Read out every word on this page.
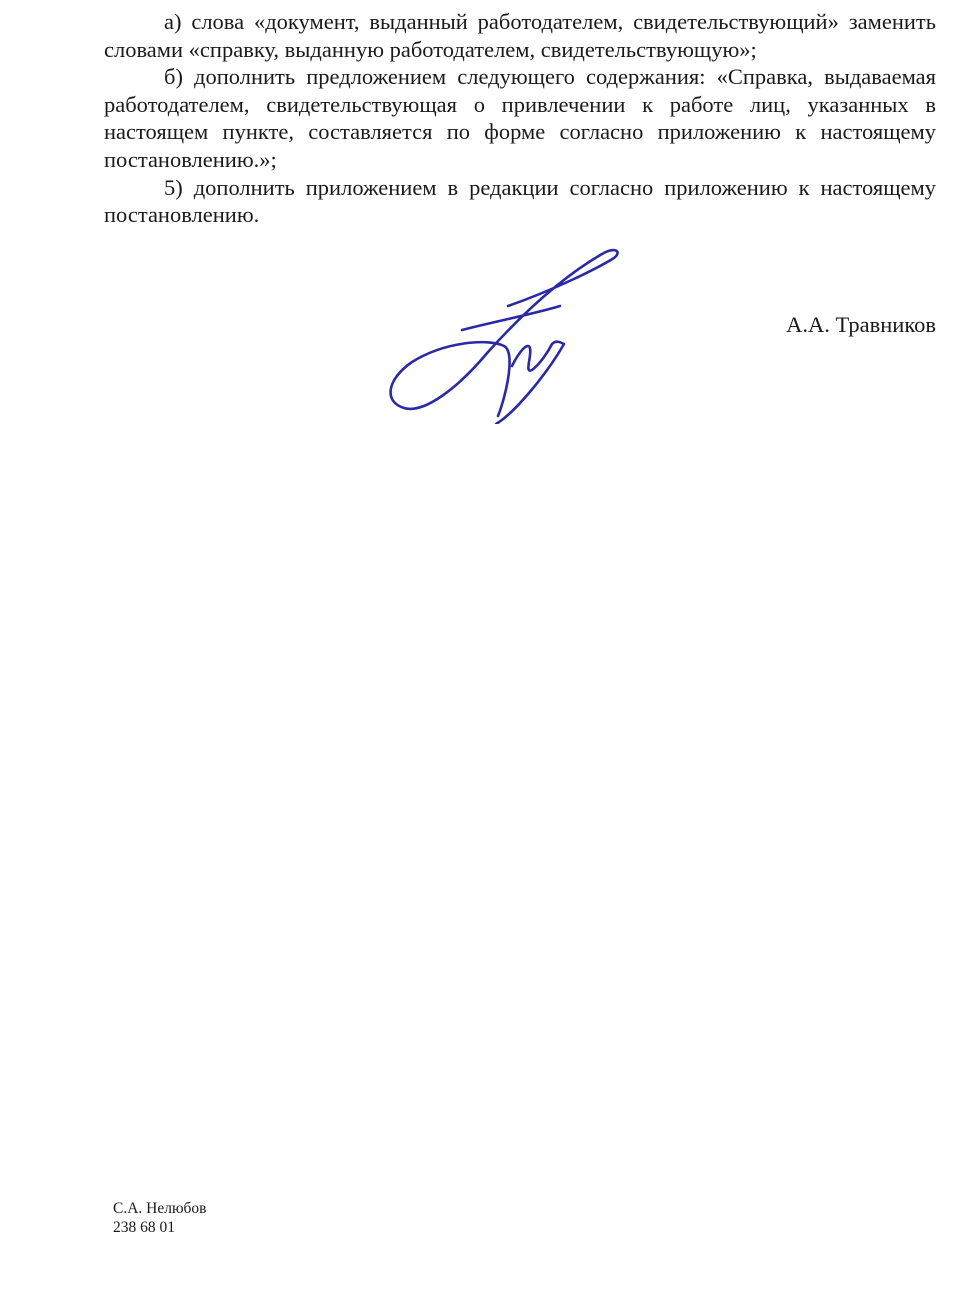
а) слова «документ, выданный работодателем, свидетельствующий» заменить словами «справку, выданную работодателем, свидетельствующую»;

б) дополнить предложением следующего содержания: «Справка, выдаваемая работодателем, свидетельствующая о привлечении к работе лиц, указанных в настоящем пункте, составляется по форме согласно приложению к настоящему постановлению.»;

5) дополнить приложением в редакции согласно приложению к настоящему постановлению.

А.А. Травников
С.А. Нелюбов
238 68 01
